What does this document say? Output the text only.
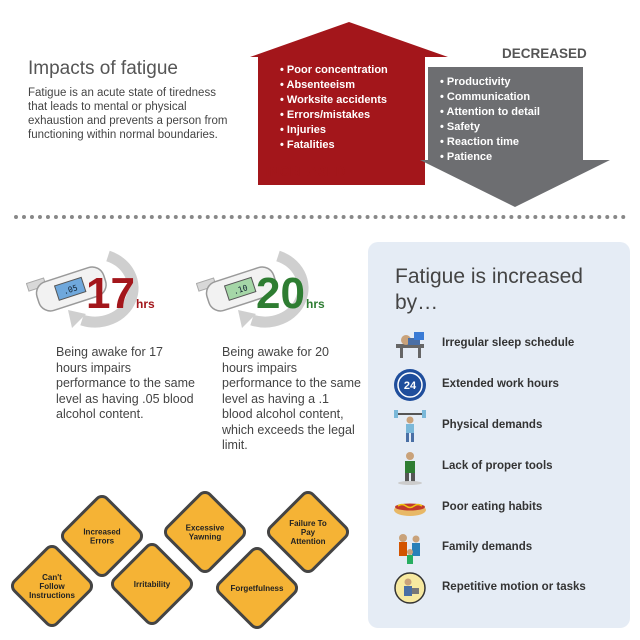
Impacts of fatigue
Fatigue is an acute state of tiredness that leads to mental or physical exhaustion and prevents a person from functioning within normal boundaries.
• Poor concentration
• Absenteeism
• Worksite accidents
• Errors/mistakes
• Injuries
• Fatalities
INCREASED
• Productivity
• Communication
• Attention to detail
• Safety
• Reaction time
• Patience
DECREASED
.05 17 hrs
Being awake for 17 hours impairs performance to the same level as having .05 blood alcohol content.
.10 20 hrs
Being awake for 20 hours impairs performance to the same level as having a .1 blood alcohol content, which exceeds the legal limit.
Increased Errors
Excessive Yawning
Failure To Pay Attention
Can't Follow Instructions
Irritability	Forgetfulness
Fatigue is increased by…
Irregular sleep schedule
24 Extended work hours
Physical demands
Lack of proper tools
Poor eating habits
Family demands
Repetitive motion or tasks
